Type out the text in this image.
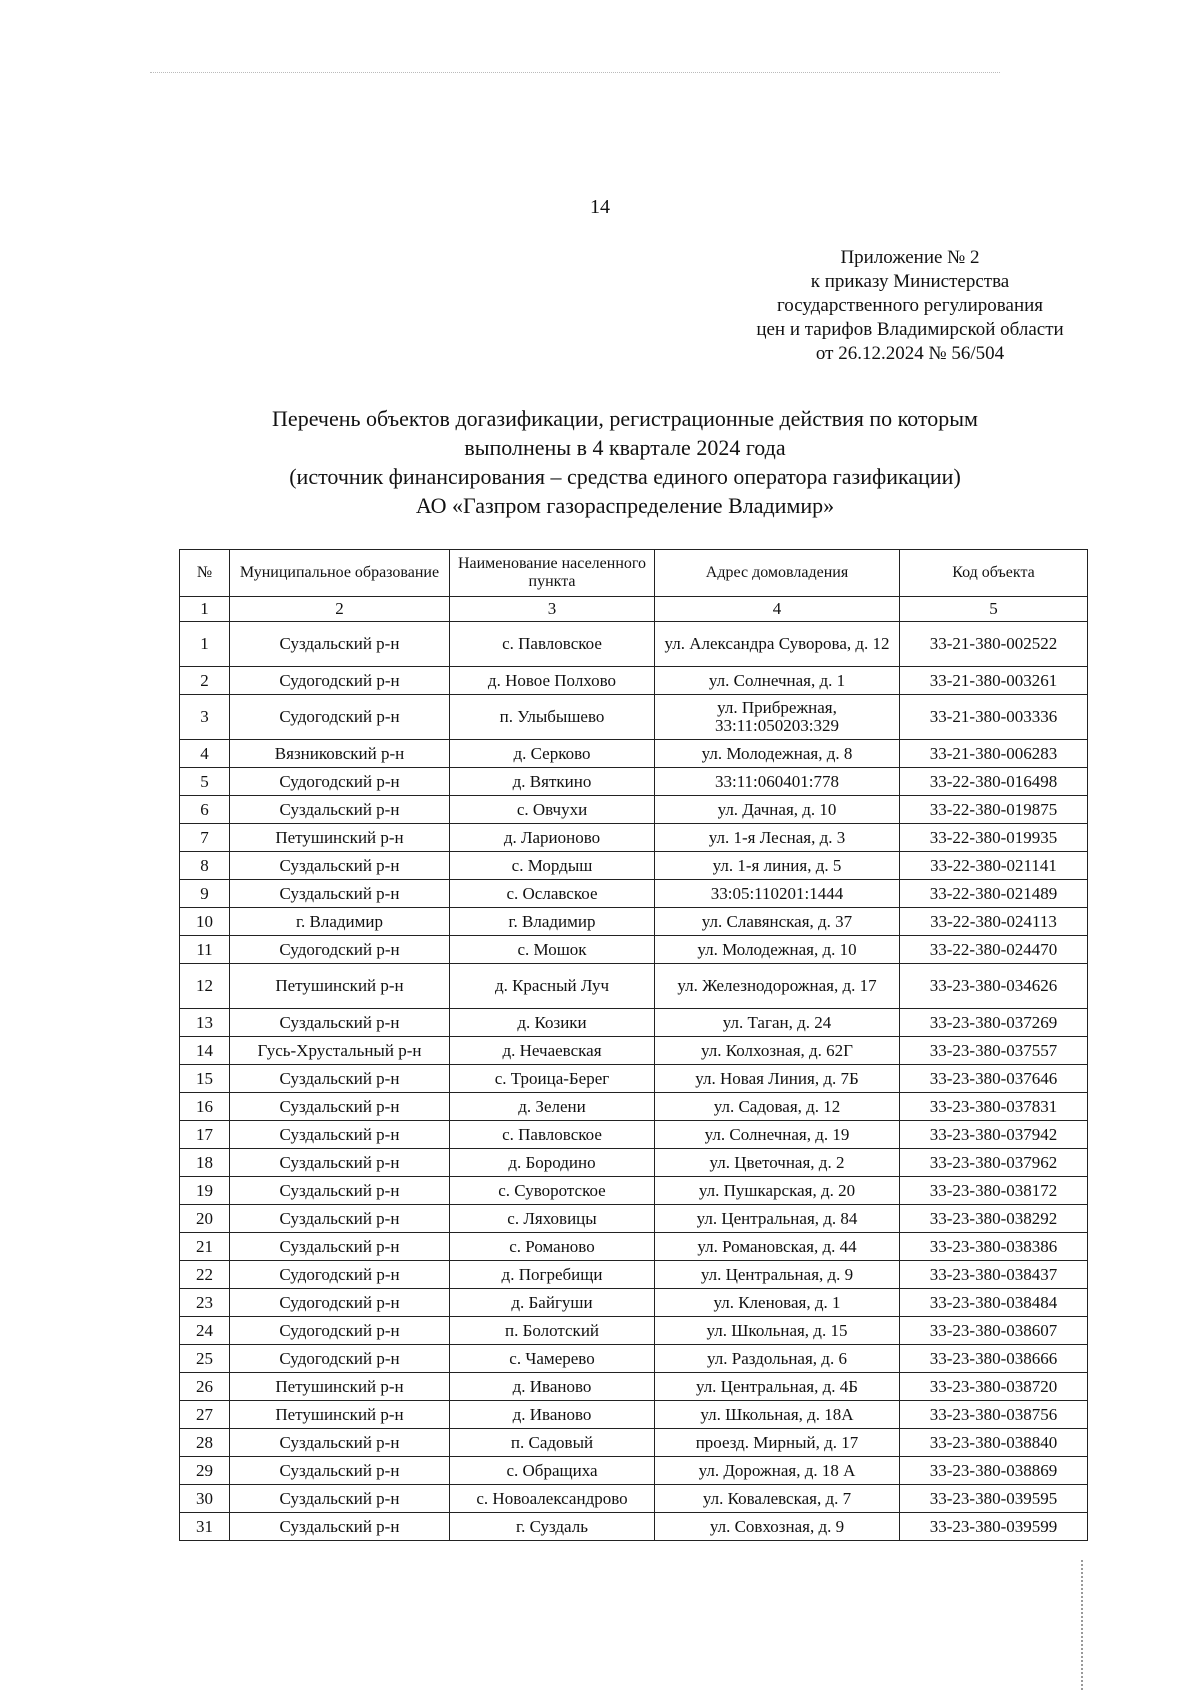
14
Приложение № 2
к приказу Министерства
государственного регулирования
цен и тарифов Владимирской области
от 26.12.2024 № 56/504
Перечень объектов догазификации, регистрационные действия по которым
выполнены в 4 квартале 2024 года
(источник финансирования – средства единого оператора газификации)
АО «Газпром газораспределение Владимир»
№	Муниципальное образование	Наименование населенного пункта	Адрес домовладения	Код объекта
1	2	3	4	5
1	Суздальский р-н	с. Павловское	ул. Александра Суворова, д. 12	33-21-380-002522
2	Судогодский р-н	д. Новое Полхово	ул. Солнечная, д. 1	33-21-380-003261
3	Судогодский р-н	п. Улыбышево	ул. Прибрежная, 33:11:050203:329	33-21-380-003336
4	Вязниковский р-н	д. Серково	ул. Молодежная, д. 8	33-21-380-006283
5	Судогодский р-н	д. Вяткино	33:11:060401:778	33-22-380-016498
6	Суздальский р-н	с. Овчухи	ул. Дачная, д. 10	33-22-380-019875
7	Петушинский р-н	д. Ларионово	ул. 1-я Лесная, д. 3	33-22-380-019935
8	Суздальский р-н	с. Мордыш	ул. 1-я линия, д. 5	33-22-380-021141
9	Суздальский р-н	с. Ославское	33:05:110201:1444	33-22-380-021489
10	г. Владимир	г. Владимир	ул. Славянская, д. 37	33-22-380-024113
11	Судогодский р-н	с. Мошок	ул. Молодежная, д. 10	33-22-380-024470
12	Петушинский р-н	д. Красный Луч	ул. Железнодорожная, д. 17	33-23-380-034626
13	Суздальский р-н	д. Козики	ул. Таган, д. 24	33-23-380-037269
14	Гусь-Хрустальный р-н	д. Нечаевская	ул. Колхозная, д. 62Г	33-23-380-037557
15	Суздальский р-н	с. Троица-Берег	ул. Новая Линия, д. 7Б	33-23-380-037646
16	Суздальский р-н	д. Зелени	ул. Садовая, д. 12	33-23-380-037831
17	Суздальский р-н	с. Павловское	ул. Солнечная, д. 19	33-23-380-037942
18	Суздальский р-н	д. Бородино	ул. Цветочная, д. 2	33-23-380-037962
19	Суздальский р-н	с. Суворотское	ул. Пушкарская, д. 20	33-23-380-038172
20	Суздальский р-н	с. Ляховицы	ул. Центральная, д. 84	33-23-380-038292
21	Суздальский р-н	с. Романово	ул. Романовская, д. 44	33-23-380-038386
22	Судогодский р-н	д. Погребищи	ул. Центральная, д. 9	33-23-380-038437
23	Судогодский р-н	д. Байгуши	ул. Кленовая, д. 1	33-23-380-038484
24	Судогодский р-н	п. Болотский	ул. Школьная, д. 15	33-23-380-038607
25	Судогодский р-н	с. Чамерево	ул. Раздольная, д. 6	33-23-380-038666
26	Петушинский р-н	д. Иваново	ул. Центральная, д. 4Б	33-23-380-038720
27	Петушинский р-н	д. Иваново	ул. Школьная, д. 18А	33-23-380-038756
28	Суздальский р-н	п. Садовый	проезд. Мирный, д. 17	33-23-380-038840
29	Суздальский р-н	с. Обращиха	ул. Дорожная, д. 18 А	33-23-380-038869
30	Суздальский р-н	с. Новоалександрово	ул. Ковалевская, д. 7	33-23-380-039595
31	Суздальский р-н	г. Суздаль	ул. Совхозная, д. 9	33-23-380-039599
